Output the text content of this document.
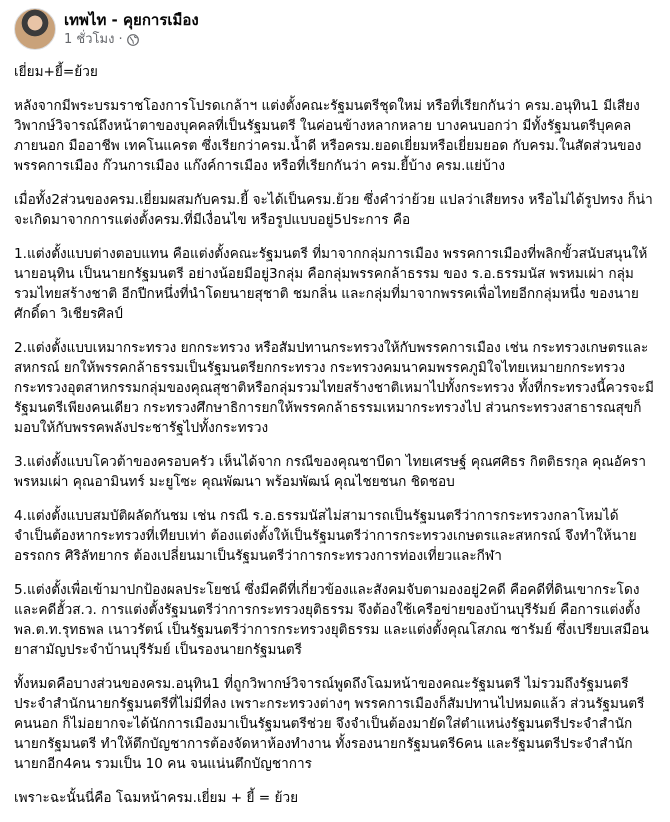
เทพไท - คุยการเมือง
1 ชั่วโมง ·

เยี่ยม+ยี้=ย้วย

หลังจากมีพระบรมราชโองการโปรดเกล้าฯ แต่งตั้งคณะรัฐมนตรีชุดใหม่ หรือที่เรียกกันว่า ครม.อนุทิน1 มีเสียงวิพากษ์วิจารณ์ถึงหน้าตาของบุคคลที่เป็นรัฐมนตรี ในค่อนข้างหลากหลาย บางคนบอกว่า มีทั้งรัฐมนตรีบุคคลภายนอก มืออาชีพ เทคโนแครต ซึ่งเรียกว่าครม.น้ำดี หรือครม.ยอดเยี่ยมหรือเยี่ยมยอด กับครม.ในสัดส่วนของพรรคการเมือง ก๊วนการเมือง แก๊งค์การเมือง หรือที่เรียกกันว่า ครม.ยี้บ้าง ครม.แย่บ้าง

เมื่อทั้ง2ส่วนของครม.เยี่ยมผสมกับครม.ยี้ จะได้เป็นครม.ย้วย ซึ่งคำว่าย้วย แปลว่าเสียทรง หรือไม่ได้รูปทรง ก็น่าจะเกิดมาจากการแต่งตั้งครม.ที่มีเงื่อนไข หรือรูปแบบอยู่5ประการ คือ

1.แต่งตั้งแบบต่างตอบแทน คือแต่งตั้งคณะรัฐมนตรี ที่มาจากกลุ่มการเมือง พรรคการเมืองที่พลิกขั้วสนับสนุนให้นายอนุทิน เป็นนายกรัฐมนตรี อย่างน้อยมีอยู่3กลุ่ม คือกลุ่มพรรคกล้าธรรม ของ ร.อ.ธรรมนัส พรหมเผ่า กลุ่มรวมไทยสร้างชาติ อีกปีกหนึ่งที่นำโดยนายสุชาติ ชมกลิ่น และกลุ่มที่มาจากพรรคเพื่อไทยอีกกลุ่มหนึ่ง ของนายศักดิ์ดา วิเชียรศิลป์

2.แต่งตั้งแบบเหมากระทรวง ยกกระทรวง หรือสัมปทานกระทรวงให้กับพรรคการเมือง เช่น กระทรวงเกษตรและสหกรณ์ ยกให้พรรคกล้าธรรมเป็นรัฐมนตรียกกระทรวง กระทรวงคมนาคมพรรคภูมิใจไทยเหมายกกระทรวง กระทรวงอุตสาหกรรมกลุ่มของคุณสุชาติหรือกลุ่มรวมไทยสร้างชาติเหมาไปทั้งกระทรวง ทั้งที่กระทรวงนี้ควรจะมีรัฐมนตรีเพียงคนเดียว กระทรวงศึกษาธิการยกให้พรรคกล้าธรรมเหมากระทรวงไป ส่วนกระทรวงสาธารณสุขก็มอบให้กับพรรคพลังประชารัฐไปทั้งกระทรวง

3.แต่งตั้งแบบโควต้าของครอบครัว เห็นได้จาก กรณีของคุณชาบีดา ไทยเศรษฐ์ คุณศศิธร กิตติธรกุล คุณอัครา พรหมเผ่า คุณอามินทร์ มะยูโซะ คุณพัฒนา พร้อมพัฒน์ คุณไชยชนก ชิดชอบ

4.แต่งตั้งแบบสมบัติผลัดกันชม เช่น กรณี ร.อ.ธรรมนัสไม่สามารถเป็นรัฐมนตรีว่าการกระทรวงกลาโหมได้ จำเป็นต้องหากระทรวงที่เทียบเท่า ต้องแต่งตั้งให้เป็นรัฐมนตรีว่าการกระทรวงเกษตรและสหกรณ์ จึงทำให้นายอรรถกร ศิริลัทยากร ต้องเปลี่ยนมาเป็นรัฐมนตรีว่าการกระทรวงการท่องเที่ยวและกีฬา

5.แต่งตั้งเพื่อเข้ามาปกป้องผลประโยชน์ ซึ่งมีคดีที่เกี่ยวข้องและสังคมจับตามองอยู่2คดี คือคดีที่ดินเขากระโดง และคดีฮั้วส.ว. การแต่งตั้งรัฐมนตรีว่าการกระทรวงยุติธรรม จึงต้องใช้เครือข่ายของบ้านบุรีรัมย์ คือการแต่งตั้ง พล.ต.ท.รุทธพล เนาวรัตน์ เป็นรัฐมนตรีว่าการกระทรวงยุติธรรม และแต่งตั้งคุณโสภณ ซารัมย์ ซึ่งเปรียบเสมือนยาสามัญประจำบ้านบุรีรัมย์ เป็นรองนายกรัฐมนตรี

ทั้งหมดคือบางส่วนของครม.อนุทิน1 ที่ถูกวิพากษ์วิจารณ์พูดถึงโฉมหน้าของคณะรัฐมนตรี ไม่รวมถึงรัฐมนตรีประจำสำนักนายกรัฐมนตรีที่ไม่มีที่ลง เพราะกระทรวงต่างๆ พรรคการเมืองก็สัมปทานไปหมดแล้ว ส่วนรัฐมนตรีคนนอก ก็ไม่อยากจะได้นักการเมืองมาเป็นรัฐมนตรีช่วย จึงจำเป็นต้องมายัดใส่ตำแหน่งรัฐมนตรีประจำสำนักนายกรัฐมนตรี ทำให้ตึกบัญชาการต้องจัดหาห้องทำงาน ทั้งรองนายกรัฐมนตรี6คน และรัฐมนตรีประจำสำนักนายกอีก4คน รวมเป็น 10 คน จนแน่นตึกบัญชาการ

เพราะฉะนั้นนี่คือ โฉมหน้าครม.เยี่ยม + ยี้ = ย้วย
